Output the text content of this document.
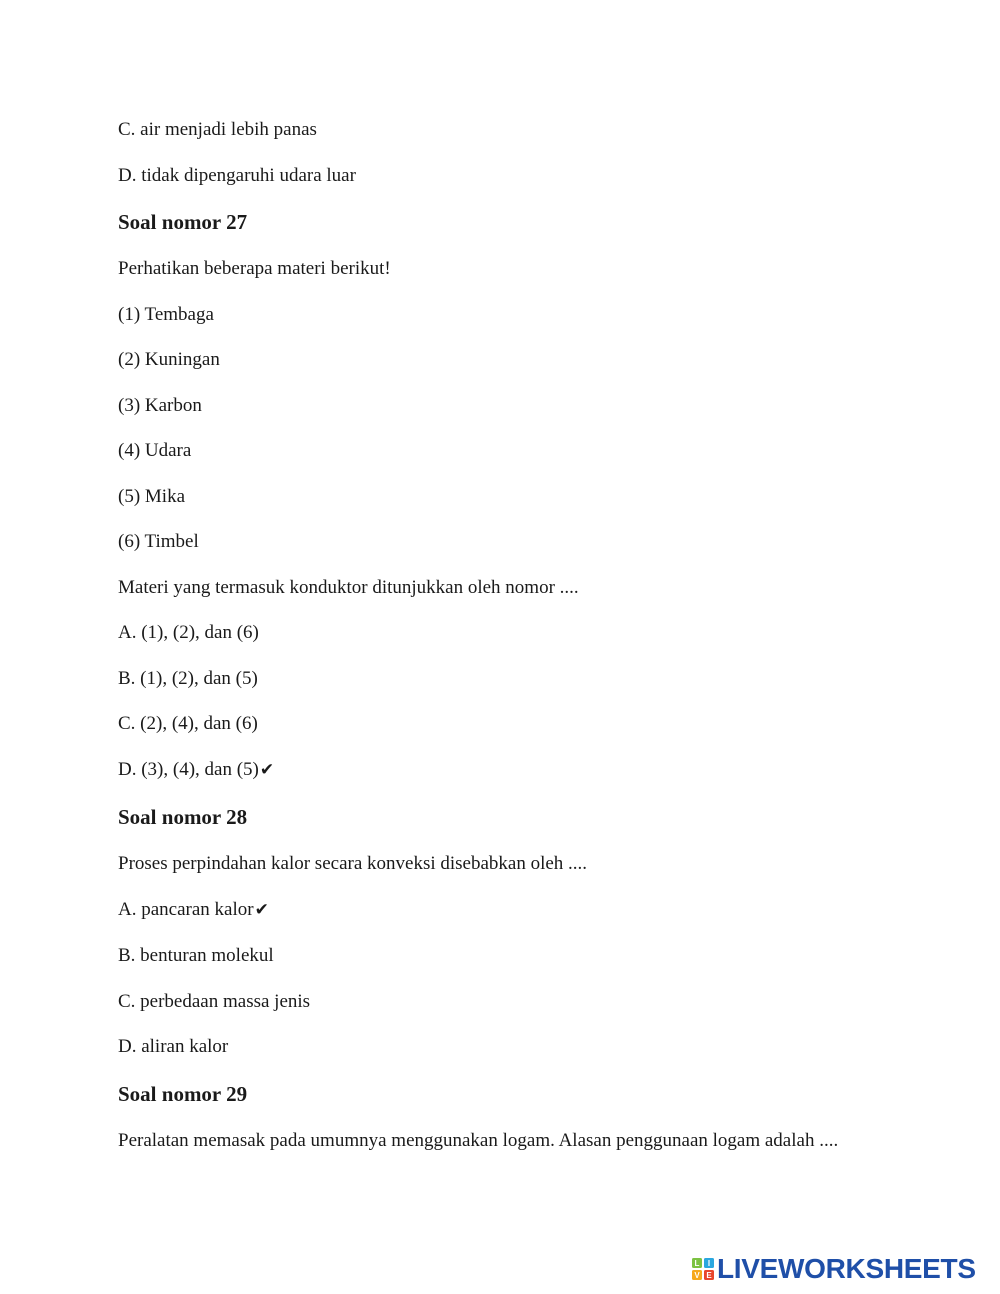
C. air menjadi lebih panas
D. tidak dipengaruhi udara luar
Soal nomor 27
Perhatikan beberapa materi berikut!
(1) Tembaga
(2) Kuningan
(3) Karbon
(4) Udara
(5) Mika
(6) Timbel
Materi yang termasuk konduktor ditunjukkan oleh nomor ....
A. (1), (2), dan (6)
B. (1), (2), dan (5)
C. (2), (4), dan (6)
D. (3), (4), dan (5)✔
Soal nomor 28
Proses perpindahan kalor secara konveksi disebabkan oleh ....
A. pancaran kalor✔
B. benturan molekul
C. perbedaan massa jenis
D. aliran kalor
Soal nomor 29
Peralatan memasak pada umumnya menggunakan logam. Alasan penggunaan logam adalah ....
L I
V E LIVEWORKSHEETS
